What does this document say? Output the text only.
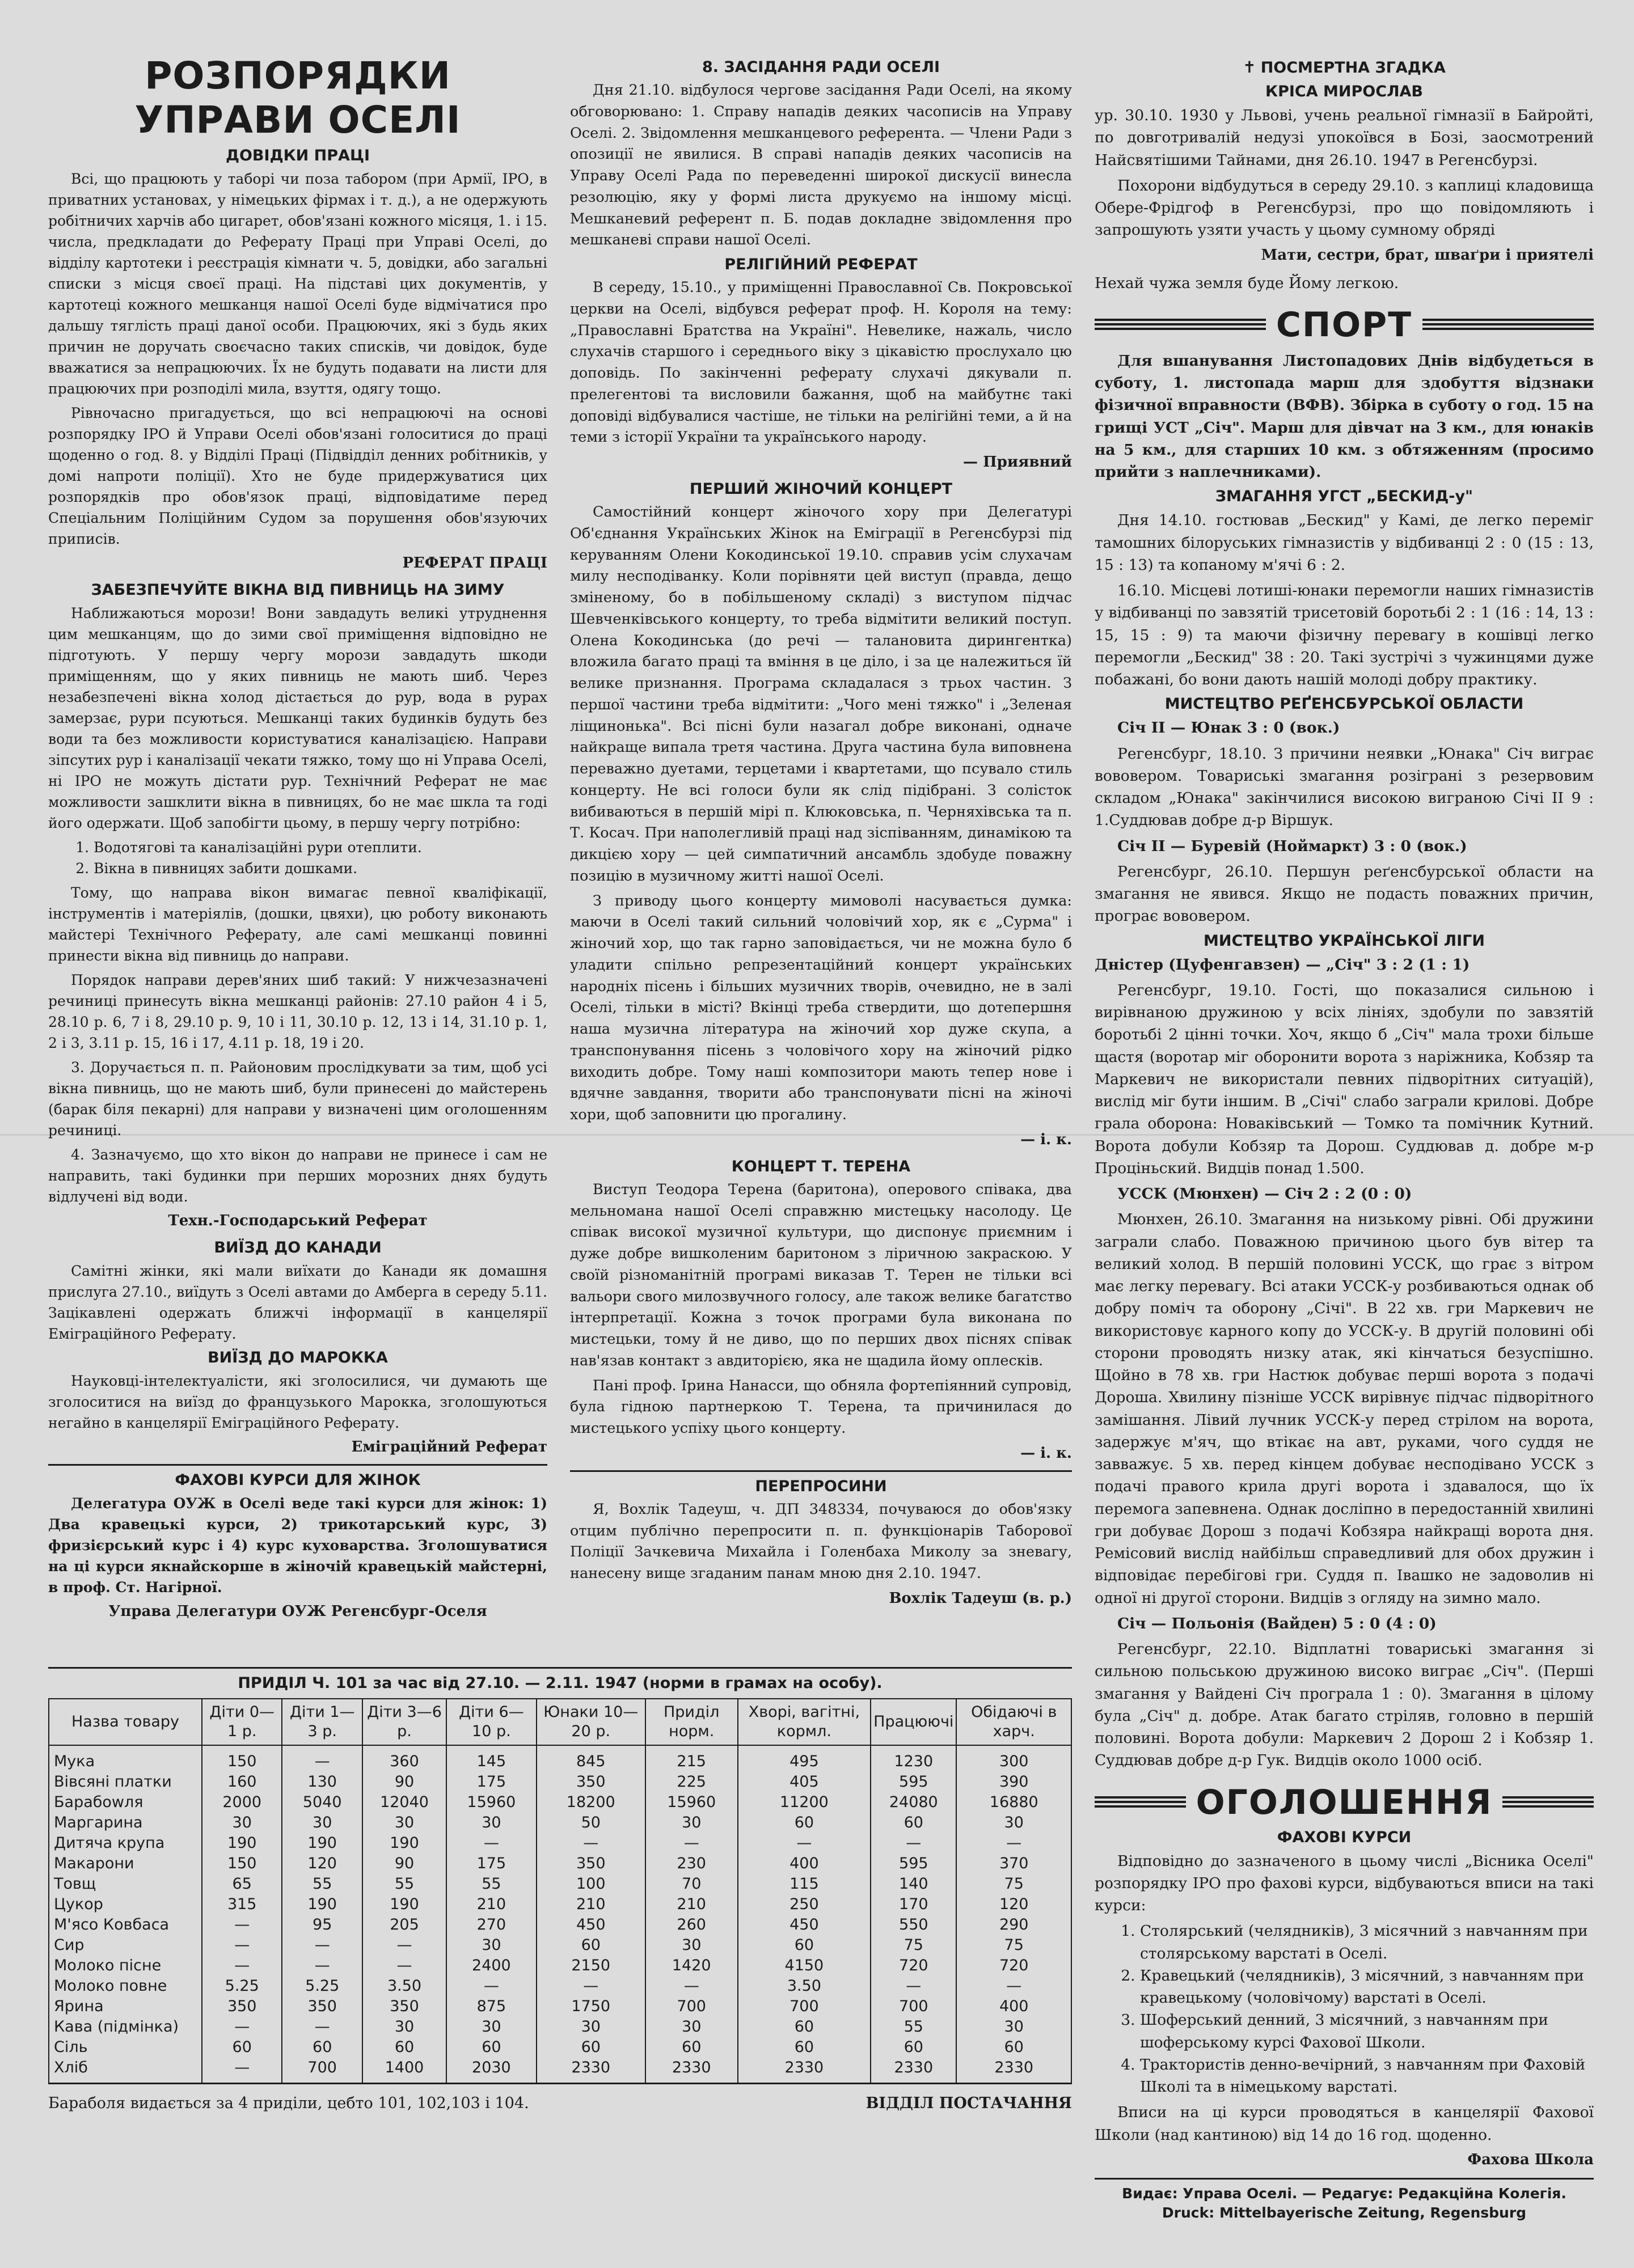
РОЗПОРЯДКИ УПРАВИ ОСЕЛІ
ДОВІДКИ ПРАЦІ

Всі, що працюють у таборі чи поза табором (при Армії, ІРО, в приватних установах, у німецьких фірмах і т. д.), а не одержують робітничих харчів або цигарет, обов'язані кожного місяця, 1. і 15. числа, предкладати до Реферату Праці при Управі Оселі, до відділу картотеки і реєстрація кімнати ч. 5, довідки, або загальні списки з місця своєї праці. На підставі цих документів, у картотеці кожного мешканця нашої Оселі буде відмічатися про дальшу тяглість праці даної особи. Працюючих, які з будь яких причин не доручать своєчасно таких списків, чи довідок, буде вважатися за непрацюючих. Їх не будуть подавати на листи для працюючих при розподілі мила, взуття, одягу тощо.

Рівночасно пригадується, що всі непрацюючі на основі розпорядку ІРО й Управи Оселі обов'язані голоситися до праці щоденно о год. 8. у Відділі Праці (Підвідділ денних робітників, у домі напроти поліції). Хто не буде придержуватися цих розпорядків про обов'язок праці, відповідатиме перед Спеціальним Поліційним Судом за порушення обов'язуючих приписів.

РЕФЕРАТ ПРАЦІ
ЗАБЕЗПЕЧУЙТЕ ВІКНА ВІД ПИВНИЦЬ НА ЗИМУ

Наближаються морози! Вони завдадуть великі утруднення цим мешканцям, що до зими свої приміщення відповідно не підготують. У першу чергу морози завдадуть шкоди приміщенням, що у яких пивниць не мають шиб. Через незабезпечені вікна холод дістається до рур, вода в рурах замерзає, рури псуються. Мешканці таких будинків будуть без води та без можливости користуватися каналізацією. Направи зіпсутих рур і каналізації чекати тяжко, тому що ні Управа Оселі, ні ІРО не можуть дістати рур. Технічний Реферат не має можливости зашклити вікна в пивницях, бо не має шкла та годі його одержати. Щоб запобігти цьому, в першу чергу потрібно:

1. Водотягові та каналізаційні рури отеплити.
2. Вікна в пивницях забити дошками.

Тому, що направа вікон вимагає певної кваліфікації, інструментів і матеріялів, (дошки, цвяхи), цю роботу виконають майстері Технічного Реферату, але самі мешканці повинні принести вікна від пивниць до направи.

Порядок направи дерев'яних шиб такий: У нижчезазначені речиниці принесуть вікна мешканці районів: 27.10 район 4 і 5, 28.10 р. 6, 7 і 8, 29.10 р. 9, 10 і 11, 30.10 р. 12, 13 і 14, 31.10 р. 1, 2 і 3, 3.11 р. 15, 16 і 17, 4.11 р. 18, 19 і 20.

3. Доручається п. п. Районовим прослідкувати за тим, щоб усі вікна пивниць, що не мають шиб, були принесені до майстерень (барак біля пекарні) для направи у визначені цим оголошенням речиниці.

4. Зазначуємо, що хто вікон до направи не принесе і сам не направить, такі будинки при перших морозних днях будуть відлучені від води.

Техн.-Господарський Реферат
ВИЇЗД ДО КАНАДИ

Самітні жінки, які мали виїхати до Канади як домашня прислуга 27.10., виїдуть з Оселі автами до Амберга в середу 5.11. Зацікавлені одержать ближчі інформації в канцелярії Еміграційного Реферату.

ВИЇЗД ДО МАРОККА

Науковці-інтелектуалісти, які зголосилися, чи думають ще зголоситися на виїзд до французького Марокка, зголошуються негайно в канцелярії Еміграційного Реферату.

Еміграційний Реферат
ФАХОВІ КУРСИ ДЛЯ ЖІНОК

Делегатура ОУЖ в Оселі веде такі курси для жінок: 1) Два кравецькі курси, 2) трикотарський курс, 3) фризієрський курс і 4) курс куховарства. Зголошуватися на ці курси якнайскорше в жіночій кравецькій майстерні, в проф. Ст. Нагірної.

Управа Делегатури ОУЖ Регенсбург-Оселя
8. ЗАСІДАННЯ РАДИ ОСЕЛІ

Дня 21.10. відбулося чергове засідання Ради Оселі, на якому обговорювано: 1. Справу нападів деяких часописів на Управу Оселі. 2. Звідомлення мешканцевого референта. — Члени Ради з опозиції не явилися. В справі нападів деяких часописів на Управу Оселі Рада по переведенні широкої дискусії винесла резолюцію, яку у формі листа друкуємо на іншому місці. Мешканевий референт п. Б. подав докладне звідомлення про мешканеві справи нашої Оселі.

РЕЛІГІЙНИЙ РЕФЕРАТ

В середу, 15.10., у приміщенні Православної Св. Покровської церкви на Оселі, відбувся реферат проф. Н. Короля на тему: „Православні Братства на Україні". Невелике, нажаль, число слухачів старшого і середнього віку з цікавістю прослухало цю доповідь. По закінченні реферату слухачі дякували п. прелегентові та висловили бажання, щоб на майбутнє такі доповіді відбувалися частіше, не тільки на релігійні теми, а й на теми з історії України та українського народу.

— Приявний
ПЕРШИЙ ЖІНОЧИЙ КОНЦЕРТ

Самостійний концерт жіночого хору при Делегатурі Об'єднання Українських Жінок на Еміграції в Регенсбурзі під керуванням Олени Кокодинської 19.10. справив усім слухачам милу несподіванку. Коли порівняти цей виступ (правда, дещо зміненому, бо в побільшеному складі) з виступом підчас Шевченківського концерту, то треба відмітити великий поступ. Олена Кокодинська (до речі — талановита дирингентка) вложила багато праці та вміння в це діло, і за це належиться їй велике признання. Програма складалася з трьох частин. З першої частини треба відмітити: „Чого мені тяжко" і „Зеленая ліщинонька". Всі пісні були назагал добре виконані, одначе найкраще випала третя частина. Друга частина була виповнена переважно дуетами, терцетами і квартетами, що псувало стиль концерту. Не всі голоси були як слід підібрані. З солісток вибиваються в першій мірі п. Клюковська, п. Черняхівська та п. Т. Косач. При наполегливій праці над зіспіванням, динамікою та дикцією хору — цей симпатичний ансамбль здобуде поважну позицію в музичному житті нашої Оселі.

З приводу цього концерту мимоволі насувається думка: маючи в Оселі такий сильний чоловічий хор, як є „Сурма" і жіночий хор, що так гарно заповідається, чи не можна було б уладити спільно репрезентаційний концерт українських народніх пісень і більших музичних творів, очевидно, не в залі Оселі, тільки в місті? Вкінці треба ствердити, що дотепершня наша музична література на жіночий хор дуже скупа, а транспонування пісень з чоловічого хору на жіночий рідко виходить добре. Тому наші композитори мають тепер нове і вдячне завдання, творити або транспонувати пісні на жіночі хори, щоб заповнити цю прогалину.

— і. к.
КОНЦЕРТ Т. ТЕРЕНА

Виступ Теодора Терена (баритона), оперового співака, два мельномана нашої Оселі справжню мистецьку насолоду. Це співак високої музичної культури, що диспонує приємним і дуже добре вишколеним баритоном з ліричною закраскою. У своїй різноманітній програмі виказав Т. Терен не тільки всі вальори свого милозвучного голосу, але також велике багатство інтерпретації. Кожна з точок програми була виконана по мистецьки, тому й не диво, що по перших двох піснях співак нав'язав контакт з авдиторією, яка не щадила йому оплесків.

Пані проф. Ірина Нанасси, що обняла фортепіянний супровід, була гідною партнеркою Т. Терена, та причинилася до мистецького успіху цього концерту.

— і. к.
ПЕРЕПРОСИНИ

Я, Вохлік Тадеуш, ч. ДП 348334, почуваюся до обов'язку отцим публічно перепросити п. п. функціонарів Таборової Поліції Зачкевича Михайла і Голенбаха Миколу за зневагу, нанесену вище згаданим панам мною дня 2.10. 1947.

Вохлік Тадеуш (в. р.)
✝ ПОСМЕРТНА ЗГАДКА
КРІСА МИРОСЛАВ

ур. 30.10. 1930 у Львові, учень реальної гімназії в Байройті, по довготривалій недузі упокоївся в Бозі, заосмотрений Найсвятішими Тайнами, дня 26.10. 1947 в Регенсбурзі.

Похорони відбудуться в середу 29.10. з каплиці кладовища Обере-Фрідгоф в Регенсбурзі, про що повідомляють і запрошують узяти участь у цьому сумному обряді

Мати, сестри, брат, шваґри і приятелі

Нехай чужа земля буде Йому легкою.

СПОРТ

Для вшанування Листопадових Днів відбудеться в суботу, 1. листопада марш для здобуття відзнаки фізичної вправности (ВФВ). Збірка в суботу о год. 15 на грищі УСТ „Січ". Марш для дівчат на 3 км., для юнаків на 5 км., для старших 10 км. з обтяженням (просимо прийти з наплечниками).

ЗМАГАННЯ УГСТ „БЕСКИД-у"

Дня 14.10. гостював „Бескид" у Камі, де легко переміг тамошних білоруських гімназистів у відбиванці 2 : 0 (15 : 13, 15 : 13) та копаному м'ячі 6 : 2.

16.10. Місцеві лотиші-юнаки перемогли наших гімназистів у відбиванці по завзятій трисетовій боротьбі 2 : 1 (16 : 14, 13 : 15, 15 : 9) та маючи фізичну перевагу в кошівці легко перемогли „Бескид" 38 : 20. Такі зустрічі з чужинцями дуже побажані, бо вони дають нашій молоді добру практику.

МИСТЕЦТВО РЕҐЕНСБУРСЬКОЇ ОБЛАСТИ

Січ II — Юнак 3 : 0 (вок.)

Регенсбург, 18.10. З причини неявки „Юнака" Січ виграє вововером. Товариські змагання розіграні з резервовим складом „Юнака" закінчилися високою виграною Січі II 9 : 1.Суддював добре д-р Віршук.

Січ II — Буревій (Ноймаркт) 3 : 0 (вок.)

Регенсбург, 26.10. Першун реґенсбурської области на змагання не явився. Якщо не подасть поважних причин, програє вововером.

МИСТЕЦТВО УКРАЇНСЬКОЇ ЛІГИ

Дністер (Цуфенгавзен) — „Січ" 3 : 2 (1 : 1)

Регенсбург, 19.10. Гості, що показалися сильною і вирівнаною дружиною у всіх лініях, здобули по завзятій боротьбі 2 цінні точки. Хоч, якщо б „Січ" мала трохи більше щастя (воротар міг оборонити ворота з наріжника, Кобзяр та Маркевич не використали певних підворітних ситуацій), вислід міг бути іншим. В „Січі" слабо заграли крилові. Добре грала оборона: Новаківський — Томко та помічник Кутний. Ворота добули Кобзяр та Дорош. Суддював д. добре м-р Проціньский. Видців понад 1.500.

УССК (Мюнхен) — Січ 2 : 2 (0 : 0)

Мюнхен, 26.10. Змагання на низькому рівні. Обі дружини заграли слабо. Поважною причиною цього був вітер та великий холод. В першій половині УССК, що грає з вітром має легку перевагу. Всі атаки УССК-у розбиваються однак об добру поміч та оборону „Січі". В 22 хв. гри Маркевич не використовує карного копу до УССК-у. В другій половині обі сторони проводять низку атак, які кінчаться безуспішно. Щойно в 78 хв. гри Настюк добуває перші ворота з подачі Дороша. Хвилину пізніше УССК вирівнує підчас підворітного замішання. Лівий лучник УССК-у перед стрілом на ворота, задержує м'яч, що втікає на авт, руками, чого суддя не завважує. 5 хв. перед кінцем добуває несподівано УССК з подачі правого крила другі ворота і здавалося, що їх перемога запевнена. Однак досліпно в передостанній хвилині гри добуває Дорош з подачі Кобзяра найкращі ворота дня. Ремісовий вислід найбільш справедливий для обох дружин і відповідає перебігові гри. Суддя п. Івашко не задоволив ні одної ні другої сторони. Видців з огляду на зимно мало.

Січ — Польонія (Вайден) 5 : 0 (4 : 0)

Регенсбург, 22.10. Відплатні товариські змагання зі сильною польською дружиною високо виграє „Січ". (Перші змагання у Вайдені Січ програла 1 : 0). Змагання в цілому була „Січ" д. добре. Атак багато стріляв, головно в першій половині. Ворота добули: Маркевич 2 Дорош 2 і Кобзяр 1. Суддював добре д-р Гук. Видців около 1000 осіб.

ОГОЛОШЕННЯ
ФАХОВІ КУРСИ

Відповідно до зазначеного в цьому числі „Вісника Оселі" розпорядку ІРО про фахові курси, відбуваються вписи на такі курси:

1. Столярський (челядників), 3 місячний з навчанням при столярському варстаті в Оселі.
2. Кравецький (челядників), 3 місячний, з навчанням при кравецькому (чоловічому) варстаті в Оселі.
3. Шоферський денний, 3 місячний, з навчанням при шоферському курсі Фахової Школи.
4. Трактористів денно-вечірний, з навчанням при Фаховій Школі та в німецькому варстаті.

Вписи на ці курси проводяться в канцелярії Фахової Школи (над кантиною) від 14 до 16 год. щоденно.

Фахова Школа
Видає: Управа Оселі. — Редагує: Редакційна Колегія.
Druck: Mittelbayerische Zeitung, Regensburg
ПРИДІЛ Ч. 101 за час від 27.10. — 2.11. 1947 (норми в грамах на особу).
Назва товару	Діти 0—1 р.	Діти 1—3 р.	Діти 3—6 р.	Діти 6—10 р.	Юнаки 10—20 р.	Приділ норм.	Хворі, вагітні, кормл.	Працюючі	Обідаючі в харч.
Мука	150	—	360	145	845	215	495	1230	300
Вівсяні платки	160	130	90	175	350	225	405	595	390
Барабоwля	2000	5040	12040	15960	18200	15960	11200	24080	16880
Маргарина	30	30	30	30	50	30	60	60	30
Дитяча крупа	190	190	190	—	—	—	—	—	—
Макарони	150	120	90	175	350	230	400	595	370
Товщ	65	55	55	55	100	70	115	140	75
Цукор	315	190	190	210	210	210	250	170	120
М'ясо Ковбаса	—	95	205	270	450	260	450	550	290
Сир	—	—	—	30	60	30	60	75	75
Молоко пісне	—	—	—	2400	2150	1420	4150	720	720
Молоко повне	5.25	5.25	3.50	—	—	—	3.50	—	—
Ярина	350	350	350	875	1750	700	700	700	400
Кава (підмінка)	—	—	30	30	30	30	60	55	30
Сіль	60	60	60	60	60	60	60	60	60
Хліб	—	700	1400	2030	2330	2330	2330	2330	2330
Бараболя видається за 4 приділи, цебто 101, 102,103 і 104.	ВІДДІЛ ПОСТАЧАННЯ
